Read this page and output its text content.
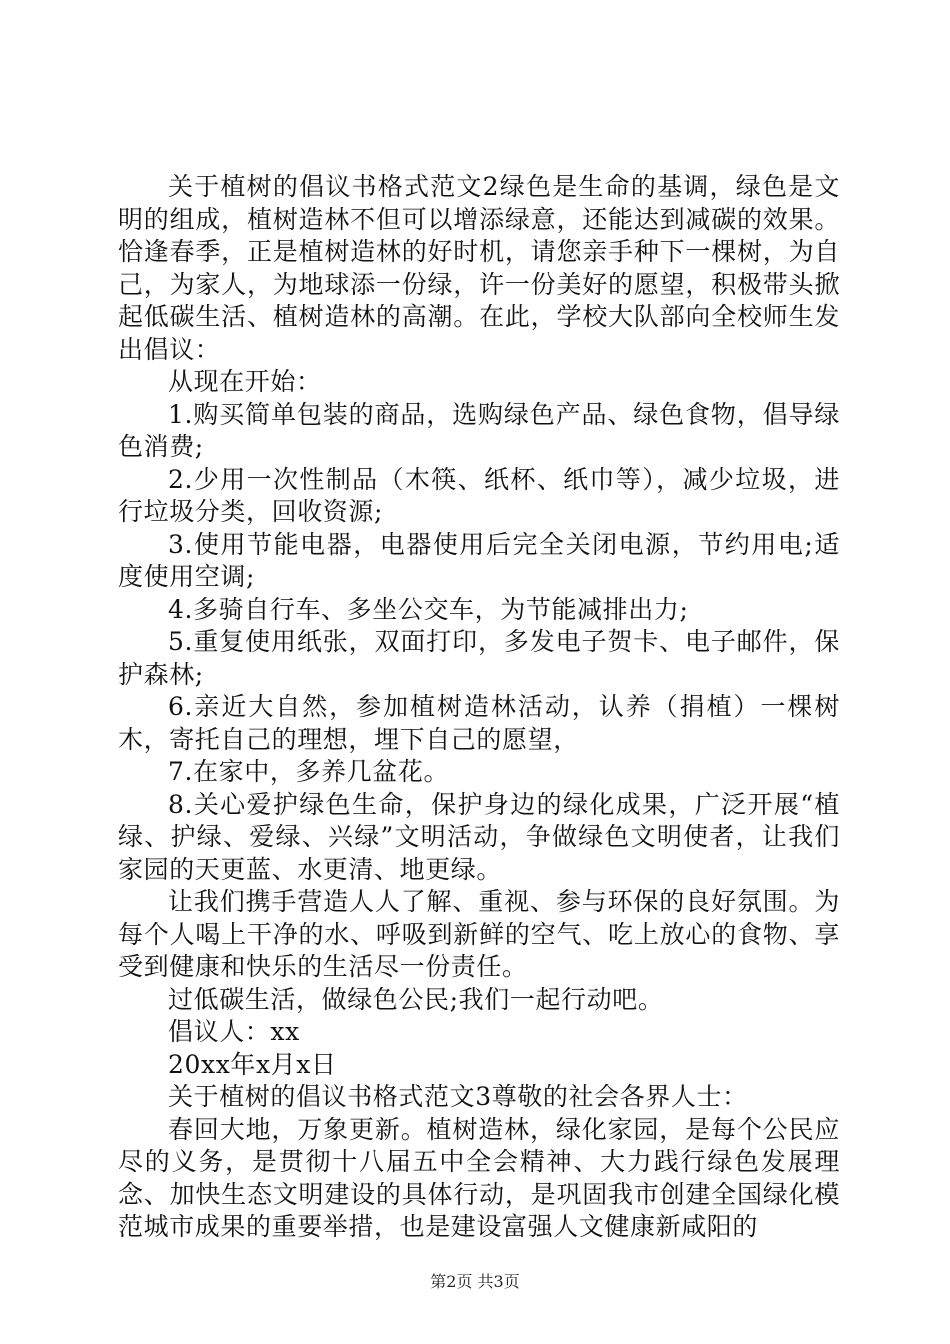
关于植树的倡议书格式范文2绿色是生命的基调，绿色是文明的组成，植树造林不但可以增添绿意，还能达到减碳的效果。恰逢春季，正是植树造林的好时机，请您亲手种下一棵树，为自己，为家人，为地球添一份绿，许一份美好的愿望，积极带头掀起低碳生活、植树造林的高潮。在此，学校大队部向全校师生发出倡议：

从现在开始：

1.购买简单包装的商品，选购绿色产品、绿色食物，倡导绿色消费;

2.少用一次性制品（木筷、纸杯、纸巾等），减少垃圾，进行垃圾分类，回收资源;

3.使用节能电器，电器使用后完全关闭电源，节约用电;适度使用空调;

4.多骑自行车、多坐公交车，为节能减排出力;

5.重复使用纸张，双面打印，多发电子贺卡、电子邮件，保护森林;

6.亲近大自然，参加植树造林活动，认养（捐植）一棵树木，寄托自己的理想，埋下自己的愿望，

7.在家中，多养几盆花。

8.关心爱护绿色生命，保护身边的绿化成果，广泛开展“植绿、护绿、爱绿、兴绿”文明活动，争做绿色文明使者，让我们家园的天更蓝、水更清、地更绿。

让我们携手营造人人了解、重视、参与环保的良好氛围。为每个人喝上干净的水、呼吸到新鲜的空气、吃上放心的食物、享受到健康和快乐的生活尽一份责任。

过低碳生活，做绿色公民;我们一起行动吧。

倡议人：xx

20xx年x月x日

关于植树的倡议书格式范文3尊敬的社会各界人士：

春回大地，万象更新。植树造林，绿化家园，是每个公民应尽的义务，是贯彻十八届五中全会精神、大力践行绿色发展理念、加快生态文明建设的具体行动，是巩固我市创建全国绿化模范城市成果的重要举措，也是建设富强人文健康新咸阳的

第2页 共3页
